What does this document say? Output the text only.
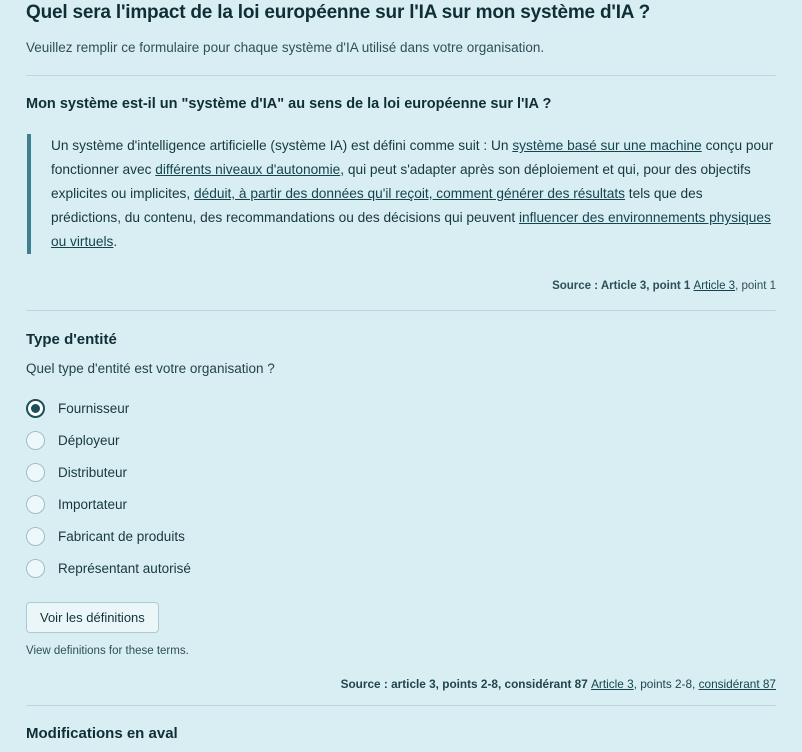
Quel sera l'impact de la loi européenne sur l'IA sur mon système d'IA ?
Veuillez remplir ce formulaire pour chaque système d'IA utilisé dans votre organisation.
Mon système est-il un "système d'IA" au sens de la loi européenne sur l'IA ?
Un système d'intelligence artificielle (système IA) est défini comme suit : Un système basé sur une machine conçu pour fonctionner avec différents niveaux d'autonomie, qui peut s'adapter après son déploiement et qui, pour des objectifs explicites ou implicites, déduit, à partir des données qu'il reçoit, comment générer des résultats tels que des prédictions, du contenu, des recommandations ou des décisions qui peuvent influencer des environnements physiques ou virtuels.
Source : Article 3, point 1 Article 3, point 1
Type d'entité
Quel type d'entité est votre organisation ?
Fournisseur
Déployeur
Distributeur
Importateur
Fabricant de produits
Représentant autorisé
Voir les définitions
View definitions for these terms.
Source : article 3, points 2-8, considérant 87 Article 3, points 2-8, considérant 87
Modifications en aval
